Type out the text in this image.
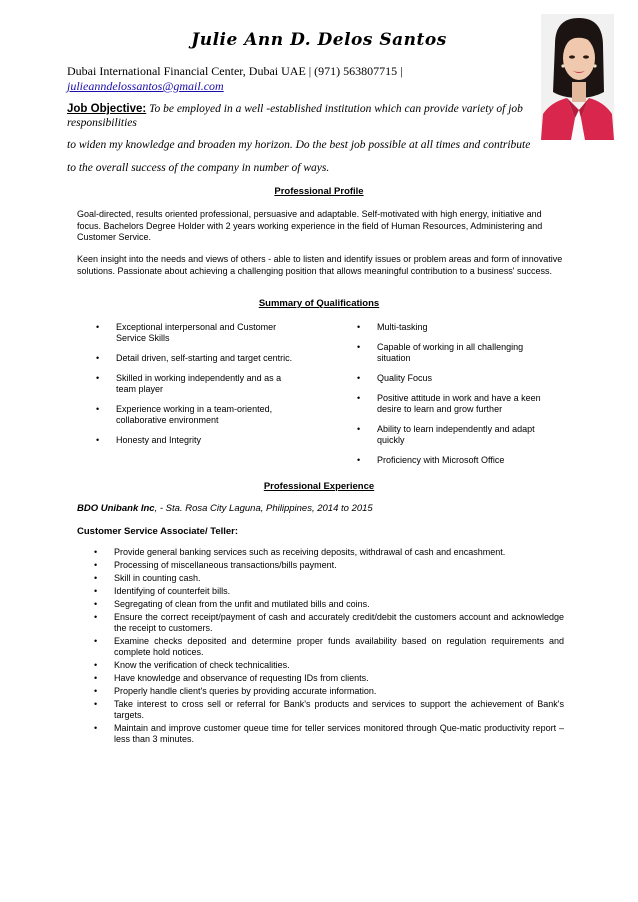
Julie Ann D. Delos Santos
Dubai International Financial Center, Dubai UAE | (971) 563807715 |
julieanndelossantos@gmail.com
Job Objective: To be employed in a well -established institution which can provide variety of job responsibilities
to widen my knowledge and broaden my horizon. Do the best job possible at all times and contribute
to the overall success of the company in number of ways.
Professional Profile
Goal-directed, results oriented professional, persuasive and adaptable. Self-motivated with high energy, initiative and focus. Bachelors Degree Holder with 2 years working experience in the field of Human Resources, Administering and Customer Service.
Keen insight into the needs and views of others - able to listen and identify issues or problem areas and form of innovative solutions. Passionate about achieving a challenging position that allows meaningful contribution to a business' success.
Summary of Qualifications
• Exceptional interpersonal and Customer Service Skills
• Detail driven, self-starting and target centric.
• Skilled in working independently and as a team player
• Experience working in a team-oriented, collaborative environment
• Honesty and Integrity
• Multi-tasking
• Capable of working in all challenging situation
• Quality Focus
• Positive attitude in work and have a keen desire to learn and grow further
• Ability to learn independently and adapt quickly
• Proficiency with Microsoft Office
Professional Experience
BDO Unibank Inc, - Sta. Rosa City Laguna, Philippines, 2014 to 2015
Customer Service Associate/ Teller:
• Provide general banking services such as receiving deposits, withdrawal of cash and encashment.
• Processing of miscellaneous transactions/bills payment.
• Skill in counting cash.
• Identifying of counterfeit bills.
• Segregating of clean from the unfit and mutilated bills and coins.
• Ensure the correct receipt/payment of cash and accurately credit/debit the customers account and acknowledge the receipt to customers.
• Examine checks deposited and determine proper funds availability based on regulation requirements and complete hold notices.
• Know the verification of check technicalities.
• Have knowledge and observance of requesting IDs from clients.
• Properly handle client's queries by providing accurate information.
• Take interest to cross sell or referral for Bank's products and services to support the achievement of Bank's targets.
• Maintain and improve customer queue time for teller services monitored through Que-matic productivity report – less than 3 minutes.
